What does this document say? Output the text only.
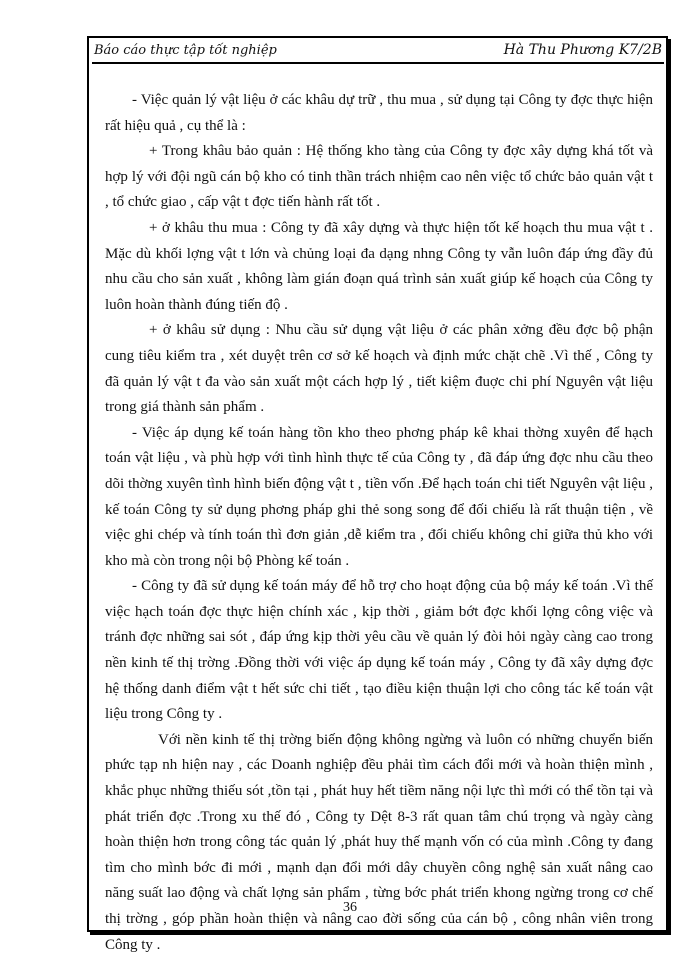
Báo cáo thực tập tốt nghiệp	Hà Thu Phương K7/2B

- Việc quản lý vật liệu ở các khâu dự trữ , thu mua , sử dụng tại Công ty đợc thực hiện rất hiệu quả , cụ thể là :

+ Trong khâu bảo quản : Hệ thống kho tàng của Công ty đợc xây dựng khá tốt và hợp lý với đội ngũ cán bộ kho có tinh thần trách nhiệm cao nên việc tổ chức bảo quản vật t , tổ chức giao , cấp vật t đợc tiến hành rất tốt .

+ ở khâu thu mua : Công ty đã xây dựng và thực hiện tốt kế hoạch thu mua vật t . Mặc dù khối lợng vật t lớn và chủng loại đa dạng nhng Công ty vẫn luôn đáp ứng đầy đủ nhu cầu cho sản xuất , không làm gián đoạn quá trình sản xuất giúp kế hoạch của Công ty luôn hoàn thành đúng tiến độ .

+ ở khâu sử dụng : Nhu cầu sử dụng vật liệu ở các phân xởng đều đợc bộ phận cung tiêu kiểm tra , xét duyệt trên cơ sở kế hoạch và định mức chặt chẽ .Vì thế , Công ty đã quản lý vật t đa vào sản xuất một cách hợp lý , tiết kiệm đuợc chi phí Nguyên vật liệu trong giá thành sản phẩm .

- Việc áp dụng kế toán hàng tồn kho theo phơng pháp kê khai thờng xuyên để hạch toán vật liệu , và phù hợp với tình hình thực tế của Công ty , đã đáp ứng đợc nhu cầu theo dõi thờng xuyên tình hình biến động vật t , tiền vốn .Để hạch toán chi tiết Nguyên vật liệu , kế toán Công ty sử dụng phơng pháp ghi thẻ song song để đối chiếu là rất thuận tiện , về việc ghi chép và tính toán thì đơn giản ,dễ kiểm tra , đối chiếu không chỉ giữa thủ kho với kho mà còn trong nội bộ Phòng kế toán .

- Công ty đã sử dụng kế toán máy để hỗ trợ cho hoạt động của bộ máy kế toán .Vì thế việc hạch toán đợc thực hiện chính xác , kịp thời , giảm bớt đợc khối lợng công việc và tránh đợc những sai sót , đáp ứng kịp thời yêu cầu về quản lý đòi hỏi ngày càng cao trong nền kinh tế thị trờng .Đồng thời với việc áp dụng kế toán máy , Công ty đã xây dựng đợc hệ thống danh điểm vật t hết sức chi tiết , tạo điều kiện thuận lợi cho công tác kế toán vật liệu trong Công ty .

Với nền kinh tế thị trờng biến động không ngừng và luôn có những chuyển biến phức tạp nh hiện nay , các Doanh nghiệp đều phải tìm cách đổi mới và hoàn thiện mình , khắc phục những thiếu sót ,tồn tại , phát huy hết tiềm năng nội lực thì mới có thể tồn tại và phát triển đợc .Trong xu thế đó , Công ty Dệt 8-3 rất quan tâm chú trọng và ngày càng hoàn thiện hơn trong công tác quản lý ,phát huy thế mạnh vốn có của mình .Công ty đang tìm cho mình bớc đi mới , mạnh dạn đổi mới dây chuyền công nghệ sản xuất nâng cao năng suất lao động và chất lợng sản phẩm , từng bớc phát triển khong ngừng trong cơ chế thị trờng , góp phần hoàn thiện và nâng cao đời sống của cán bộ , công nhân viên trong Công ty .

36
